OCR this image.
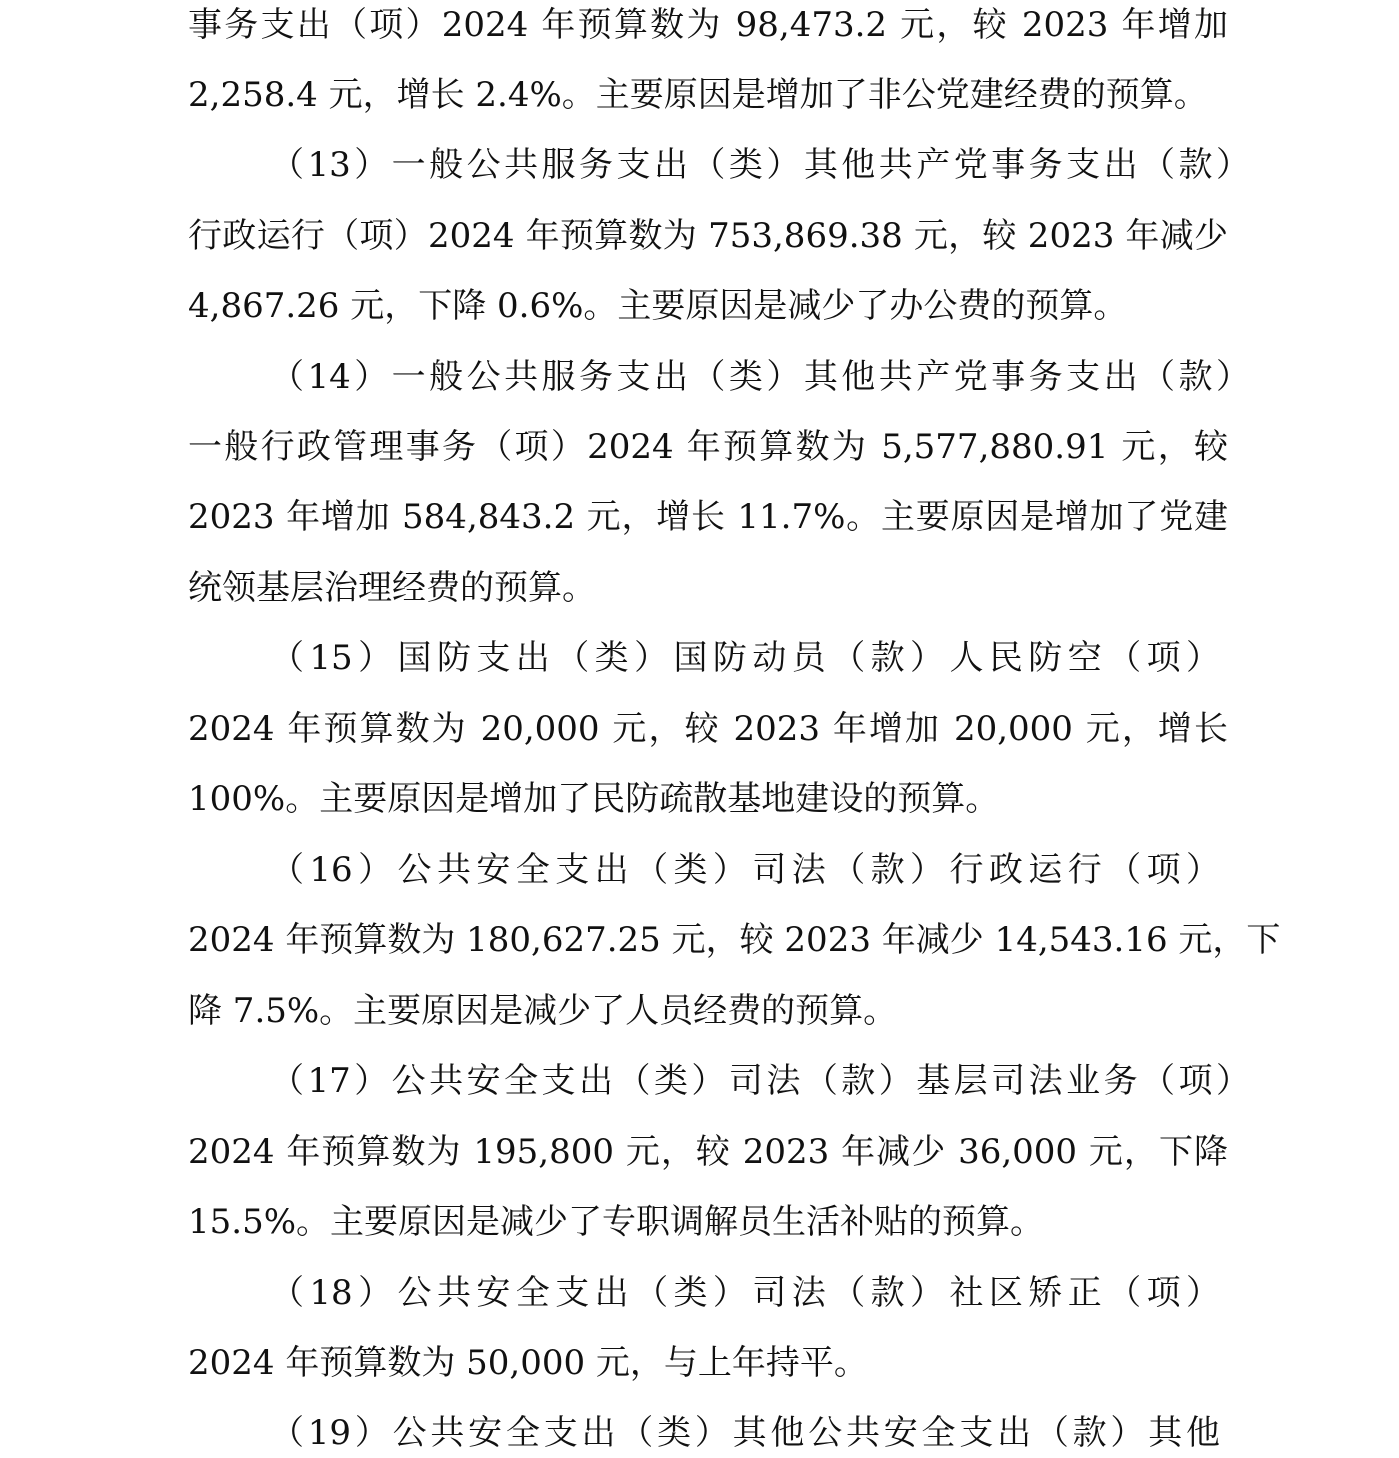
事务支出（项）2024 年预算数为 98,473.2 元，较 2023 年增加
2,258.4 元，增长 2.4%。主要原因是增加了非公党建经费的预算。
（13）一般公共服务支出（类）其他共产党事务支出（款）
行政运行（项）2024 年预算数为 753,869.38 元，较 2023 年减少
4,867.26 元，下降 0.6%。主要原因是减少了办公费的预算。
（14）一般公共服务支出（类）其他共产党事务支出（款）
一般行政管理事务（项）2024 年预算数为 5,577,880.91 元，较
2023 年增加 584,843.2 元，增长 11.7%。主要原因是增加了党建
统领基层治理经费的预算。
（15）国防支出（类）国防动员（款）人民防空（项）
2024 年预算数为 20,000 元，较 2023 年增加 20,000 元，增长
100%。主要原因是增加了民防疏散基地建设的预算。
（16）公共安全支出（类）司法（款）行政运行（项）
2024 年预算数为 180,627.25 元，较 2023 年减少 14,543.16 元，下
降 7.5%。主要原因是减少了人员经费的预算。
（17）公共安全支出（类）司法（款）基层司法业务（项）
2024 年预算数为 195,800 元，较 2023 年减少 36,000 元，下降
15.5%。主要原因是减少了专职调解员生活补贴的预算。
（18）公共安全支出（类）司法（款）社区矫正（项）
2024 年预算数为 50,000 元，与上年持平。
（19）公共安全支出（类）其他公共安全支出（款）其他
